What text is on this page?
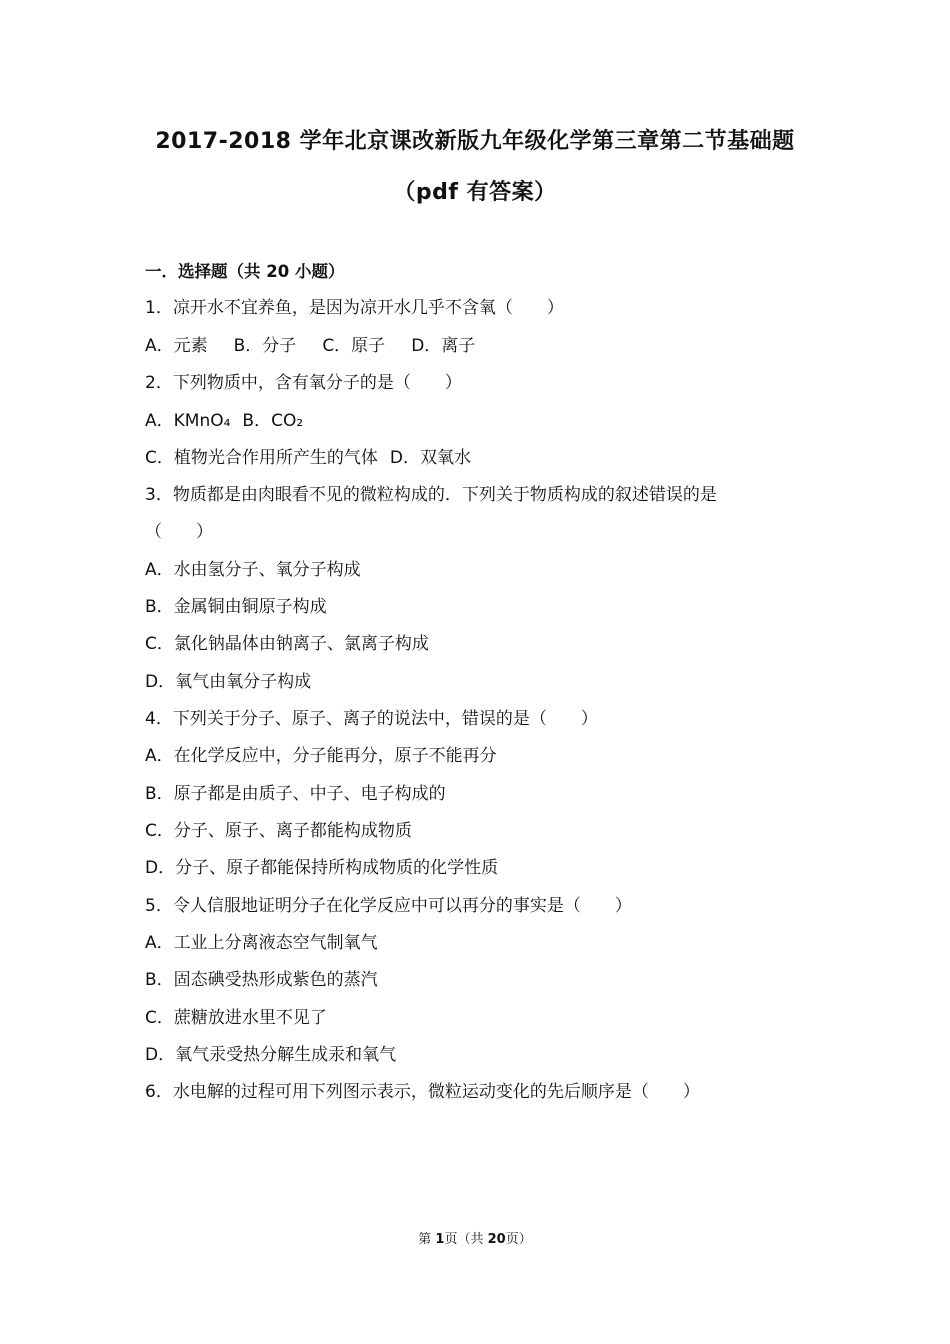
2017-2018 学年北京课改新版九年级化学第三章第二节基础题
（pdf 有答案）
一．选择题（共 20 小题）
1．凉开水不宜养鱼，是因为凉开水几乎不含氧（　　）
A．元素 B．分子 C．原子 D．离子
2．下列物质中，含有氧分子的是（　　）
A．KMnO₄ B．CO₂
C．植物光合作用所产生的气体 D．双氧水
3．物质都是由肉眼看不见的微粒构成的．下列关于物质构成的叙述错误的是
（　　）
A．水由氢分子、氧分子构成
B．金属铜由铜原子构成
C．氯化钠晶体由钠离子、氯离子构成
D．氧气由氧分子构成
4．下列关于分子、原子、离子的说法中，错误的是（　　）
A．在化学反应中，分子能再分，原子不能再分
B．原子都是由质子、中子、电子构成的
C．分子、原子、离子都能构成物质
D．分子、原子都能保持所构成物质的化学性质
5．令人信服地证明分子在化学反应中可以再分的事实是（　　）
A．工业上分离液态空气制氧气
B．固态碘受热形成紫色的蒸汽
C．蔗糖放进水里不见了
D．氧气汞受热分解生成汞和氧气
6．水电解的过程可用下列图示表示，微粒运动变化的先后顺序是（　　）
第 1页（共 20页）
